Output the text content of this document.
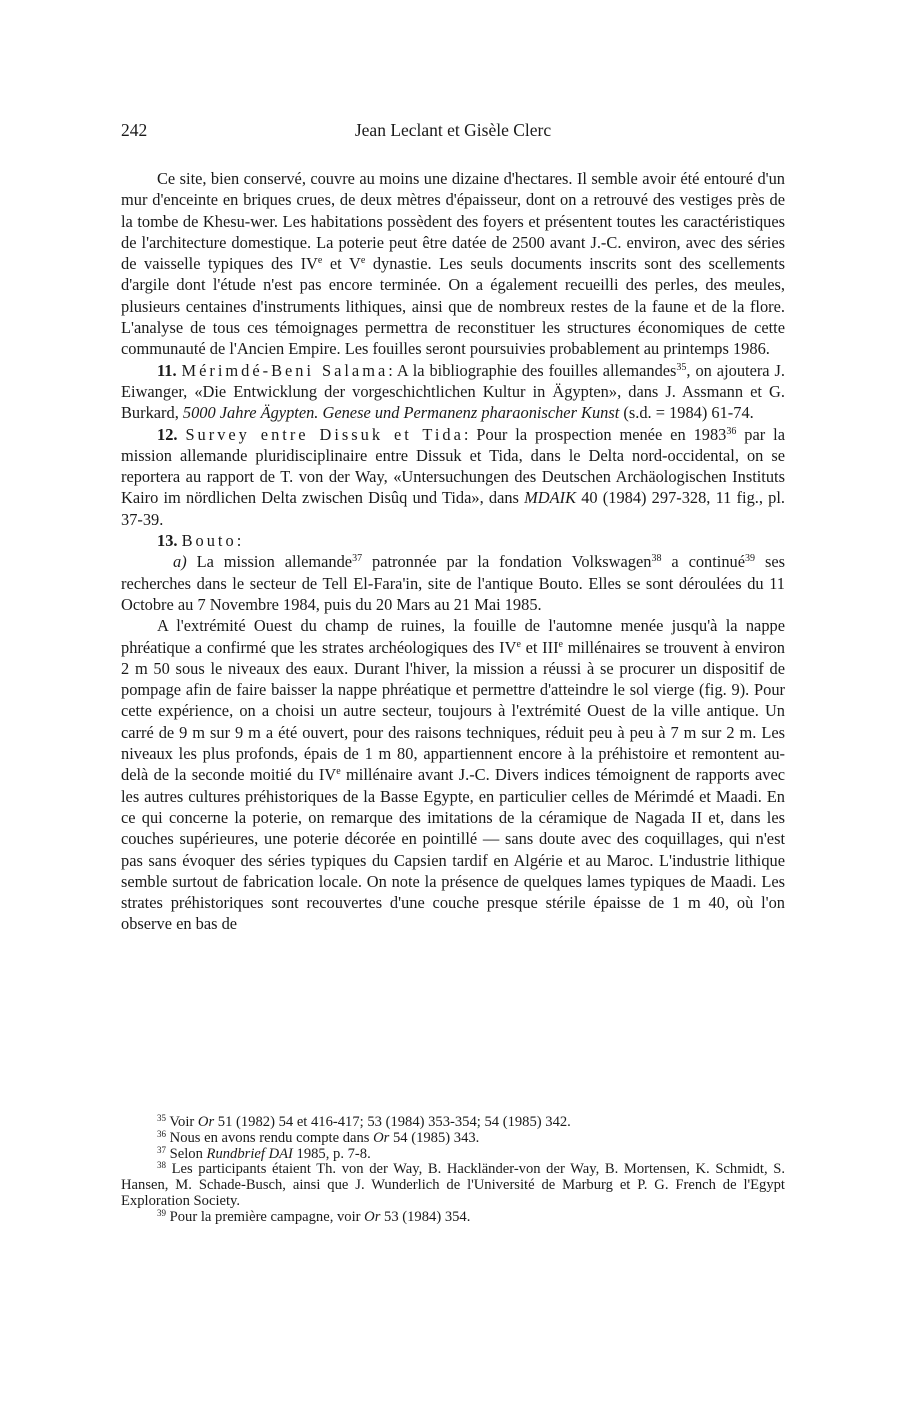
242	Jean Leclant et Gisèle Clerc

Ce site, bien conservé, couvre au moins une dizaine d'hectares. Il semble avoir été entouré d'un mur d'enceinte en briques crues, de deux mètres d'épaisseur, dont on a retrouvé des vestiges près de la tombe de Khesu-wer. Les habitations possèdent des foyers et présentent toutes les caractéristiques de l'architecture domestique. La poterie peut être datée de 2500 avant J.-C. environ, avec des séries de vaisselle typiques des IVe et Ve dynastie. Les seuls documents inscrits sont des scellements d'argile dont l'étude n'est pas encore terminée. On a également recueilli des perles, des meules, plusieurs centaines d'instruments lithiques, ainsi que de nombreux restes de la faune et de la flore. L'analyse de tous ces témoignages permettra de reconstituer les structures économiques de cette communauté de l'Ancien Empire. Les fouilles seront poursuivies probablement au printemps 1986.

11. Mérimdé-Beni Salama: A la bibliographie des fouilles allemandes$^{35}$, on ajoutera J. Eiwanger, «Die Entwicklung der vorgeschichtlichen Kultur in Ägypten», dans J. Assmann et G. Burkard, 5000 Jahre Ägypten. Genese und Permanenz pharaonischer Kunst (s.d. = 1984) 61-74.

12. Survey entre Dissuk et Tida: Pour la prospection menée en 1983$^{36}$ par la mission allemande pluridisciplinaire entre Dissuk et Tida, dans le Delta nord-occidental, on se reportera au rapport de T. von der Way, «Untersuchungen des Deutschen Archäologischen Instituts Kairo im nördlichen Delta zwischen Disûq und Tida», dans MDAIK 40 (1984) 297-328, 11 fig., pl. 37-39.

13. Bouto:

a) La mission allemande$^{37}$ patronnée par la fondation Volkswagen$^{38}$ a continué$^{39}$ ses recherches dans le secteur de Tell El-Fara'in, site de l'antique Bouto. Elles se sont déroulées du 11 Octobre au 7 Novembre 1984, puis du 20 Mars au 21 Mai 1985.

A l'extrémité Ouest du champ de ruines, la fouille de l'automne menée jusqu'à la nappe phréatique a confirmé que les strates archéologiques des IVe et IIIe millénaires se trouvent à environ 2 m 50 sous le niveaux des eaux. Durant l'hiver, la mission a réussi à se procurer un dispositif de pompage afin de faire baisser la nappe phréatique et permettre d'atteindre le sol vierge (fig. 9). Pour cette expérience, on a choisi un autre secteur, toujours à l'extrémité Ouest de la ville antique. Un carré de 9 m sur 9 m a été ouvert, pour des raisons techniques, réduit peu à peu à 7 m sur 2 m. Les niveaux les plus profonds, épais de 1 m 80, appartiennent encore à la préhistoire et remontent au-delà de la seconde moitié du IVe millénaire avant J.-C. Divers indices témoignent de rapports avec les autres cultures préhistoriques de la Basse Egypte, en particulier celles de Mérimdé et Maadi. En ce qui concerne la poterie, on remarque des imitations de la céramique de Nagada II et, dans les couches supérieures, une poterie décorée en pointillé — sans doute avec des coquillages, qui n'est pas sans évoquer des séries typiques du Capsien tardif en Algérie et au Maroc. L'industrie lithique semble surtout de fabrication locale. On note la présence de quelques lames typiques de Maadi. Les strates préhistoriques sont recouvertes d'une couche presque stérile épaisse de 1 m 40, où l'on observe en bas de

$^{35}$ Voir Or 51 (1982) 54 et 416-417; 53 (1984) 353-354; 54 (1985) 342.

$^{36}$ Nous en avons rendu compte dans Or 54 (1985) 343.

$^{37}$ Selon Rundbrief DAI 1985, p. 7-8.

$^{38}$ Les participants étaient Th. von der Way, B. Hackländer-von der Way, B. Mortensen, K. Schmidt, S. Hansen, M. Schade-Busch, ainsi que J. Wunderlich de l'Université de Marburg et P. G. French de l'Egypt Exploration Society.

$^{39}$ Pour la première campagne, voir Or 53 (1984) 354.
